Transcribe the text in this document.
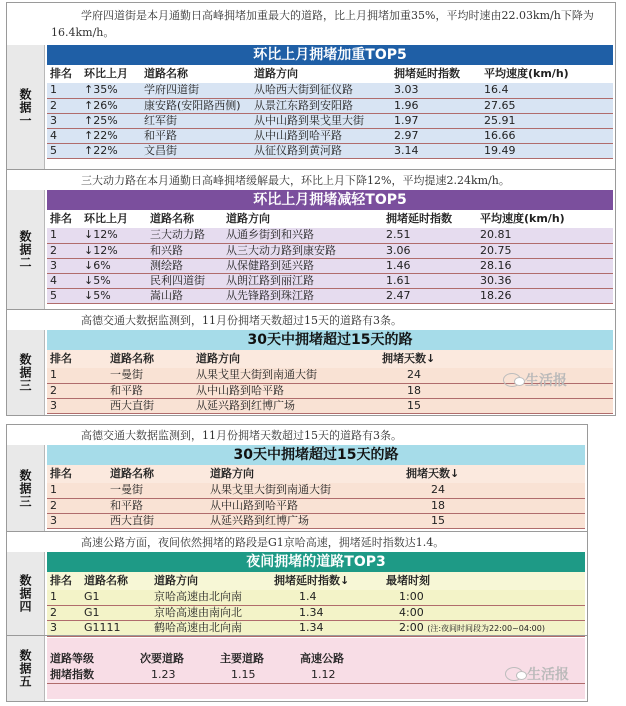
学府四道街是本月通勤日高峰拥堵加重最大的道路，比上月拥堵加重35%，平均时速由22.03km/h下降为16.4km/h。
数据一
环比上月拥堵加重TOP5
排名	环比上月	道路名称	道路方向	拥堵延时指数	平均速度(km/h)
1	↑35%	学府四道街	从哈西大街到征仪路	3.03	16.4
2	↑26%	康安路(安阳路西侧)	从景江东路到安阳路	1.96	27.65
3	↑25%	红军街	从中山路到果戈里大街	1.97	25.91
4	↑22%	和平路	从中山路到哈平路	2.97	16.66
5	↑22%	文昌街	从征仪路到黄河路	3.14	19.49
三大动力路在本月通勤日高峰拥堵缓解最大，环比上月下降12%，平均提速2.24km/h。
数据二
环比上月拥堵减轻TOP5
排名	环比上月	道路名称	道路方向	拥堵延时指数	平均速度(km/h)
1	↓12%	三大动力路	从通乡街到和兴路	2.51	20.81
2	↓12%	和兴路	从三大动力路到康安路	3.06	20.75
3	↓6%	测绘路	从保健路到延兴路	1.46	28.16
4	↓5%	民利四道街	从朗江路到丽江路	1.61	30.36
5	↓5%	嵩山路	从先锋路到珠江路	2.47	18.26
高德交通大数据监测到，11月份拥堵天数超过15天的道路有3条。
数据三
30天中拥堵超过15天的路
排名	道路名称	道路方向	拥堵天数↓
1	一曼街	从果戈里大街到南通大街	24
2	和平路	从中山路到哈平路	18
3	西大直街	从延兴路到红博广场	15
生活报
高德交通大数据监测到，11月份拥堵天数超过15天的道路有3条。
数据三
30天中拥堵超过15天的路
排名	道路名称	道路方向	拥堵天数↓
1	一曼街	从果戈里大街到南通大街	24
2	和平路	从中山路到哈平路	18
3	西大直街	从延兴路到红博广场	15
高速公路方面，夜间依然拥堵的路段是G1京哈高速，拥堵延时指数达1.4。
数据四
夜间拥堵的道路TOP3
排名	道路名称	道路方向	拥堵延时指数↓	最堵时刻
1	G1	京哈高速由北向南	1.4	1:00
2	G1	京哈高速由南向北	1.34	4:00
3	G1111	鹤哈高速由北向南	1.34	2:00 (注:夜间时间段为22:00~04:00)
数据五 道路等级	次要道路	主要道路	高速公路	
拥堵指数	1.23	1.15	1.12		生活报
